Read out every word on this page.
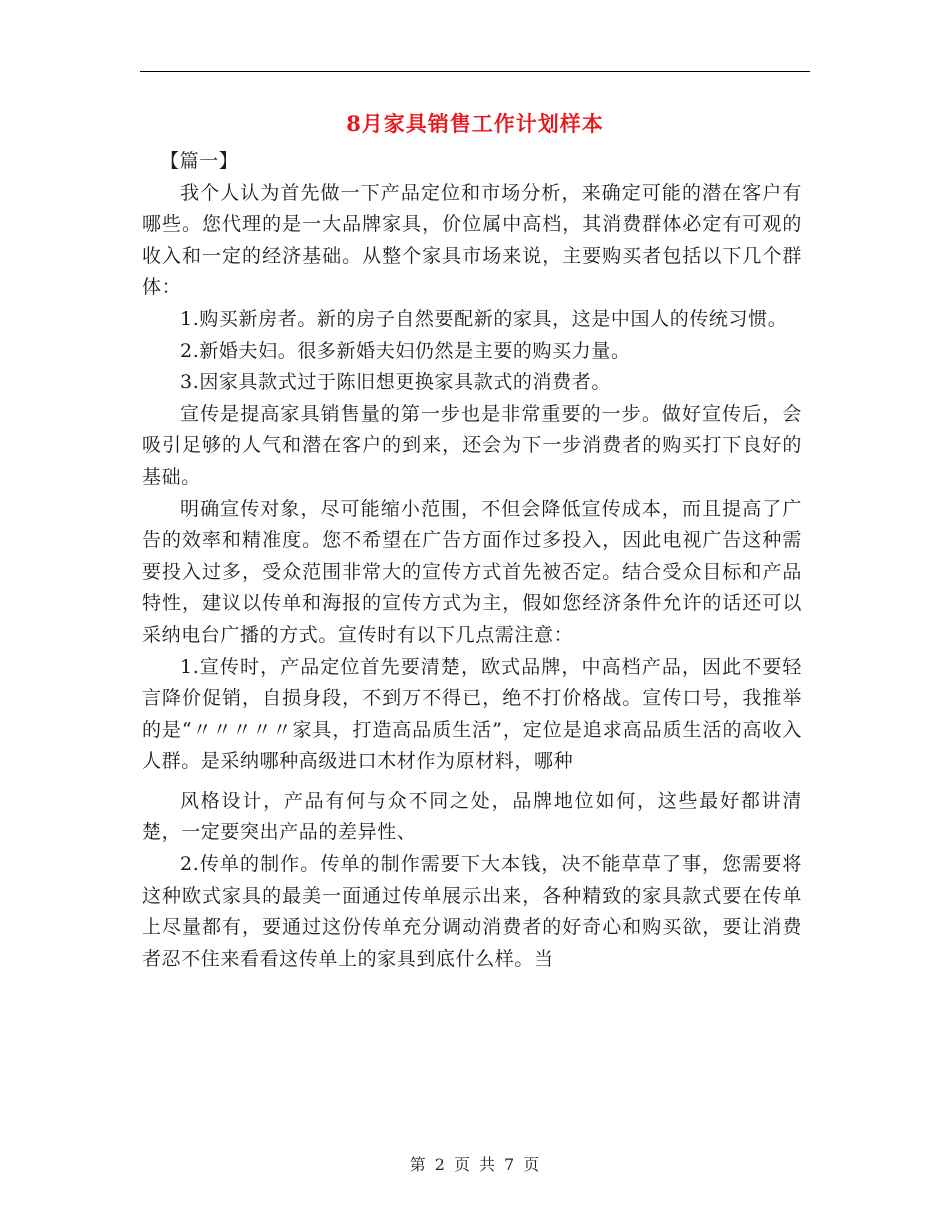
8月家具销售工作计划样本

【篇一】

我个人认为首先做一下产品定位和市场分析，来确定可能的潜在客户有哪些。您代理的是一大品牌家具，价位属中高档，其消费群体必定有可观的收入和一定的经济基础。从整个家具市场来说，主要购买者包括以下几个群体：

1.购买新房者。新的房子自然要配新的家具，这是中国人的传统习惯。

2.新婚夫妇。很多新婚夫妇仍然是主要的购买力量。

3.因家具款式过于陈旧想更换家具款式的消费者。

宣传是提高家具销售量的第一步也是非常重要的一步。做好宣传后，会吸引足够的人气和潜在客户的到来，还会为下一步消费者的购买打下良好的基础。

明确宣传对象，尽可能缩小范围，不但会降低宣传成本，而且提高了广告的效率和精准度。您不希望在广告方面作过多投入，因此电视广告这种需要投入过多，受众范围非常大的宣传方式首先被否定。结合受众目标和产品特性，建议以传单和海报的宣传方式为主，假如您经济条件允许的话还可以采纳电台广播的方式。宣传时有以下几点需注意：

1.宣传时，产品定位首先要清楚，欧式品牌，中高档产品，因此不要轻言降价促销，自损身段，不到万不得已，绝不打价格战。宣传口号，我推举的是“〃〃〃〃〃家具，打造高品质生活”，定位是追求高品质生活的高收入人群。是采纳哪种高级进口木材作为原材料，哪种

风格设计，产品有何与众不同之处，品牌地位如何，这些最好都讲清楚，一定要突出产品的差异性、

2.传单的制作。传单的制作需要下大本钱，决不能草草了事，您需要将这种欧式家具的最美一面通过传单展示出来，各种精致的家具款式要在传单上尽量都有，要通过这份传单充分调动消费者的好奇心和购买欲，要让消费者忍不住来看看这传单上的家具到底什么样。当

第 2 页 共 7 页
